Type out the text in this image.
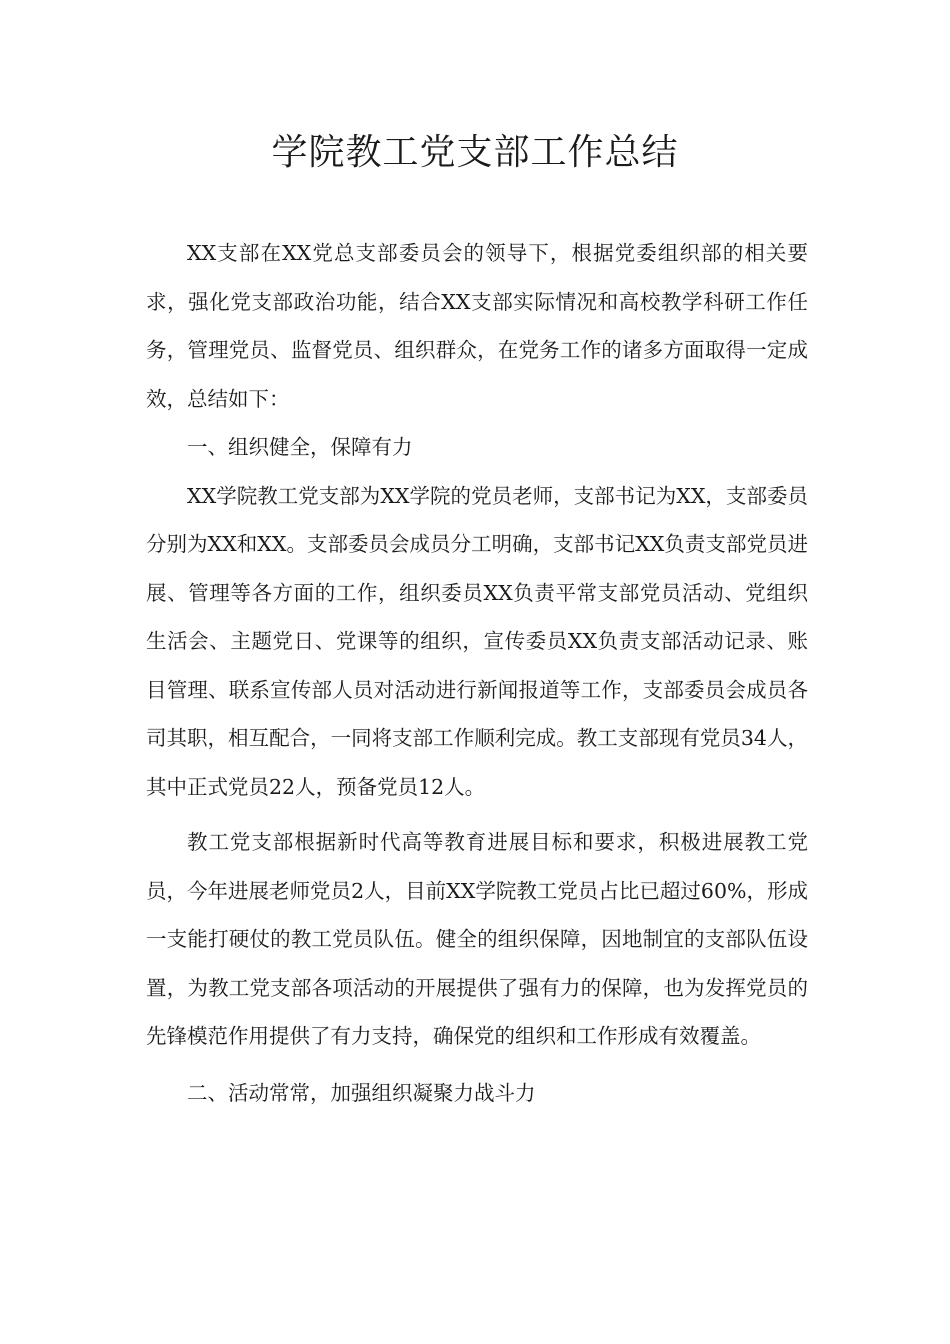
学院教工党支部工作总结

XX支部在XX党总支部委员会的领导下，根据党委组织部的相关要求，强化党支部政治功能，结合XX支部实际情况和高校教学科研工作任务，管理党员、监督党员、组织群众，在党务工作的诸多方面取得一定成效，总结如下：

一、组织健全，保障有力

XX学院教工党支部为XX学院的党员老师，支部书记为XX，支部委员分别为XX和XX。支部委员会成员分工明确，支部书记XX负责支部党员进展、管理等各方面的工作，组织委员XX负责平常支部党员活动、党组织生活会、主题党日、党课等的组织，宣传委员XX负责支部活动记录、账目管理、联系宣传部人员对活动进行新闻报道等工作，支部委员会成员各司其职，相互配合，一同将支部工作顺利完成。教工支部现有党员34人，其中正式党员22人，预备党员12人。

教工党支部根据新时代高等教育进展目标和要求，积极进展教工党员，今年进展老师党员2人，目前XX学院教工党员占比已超过60%，形成一支能打硬仗的教工党员队伍。健全的组织保障，因地制宜的支部队伍设置，为教工党支部各项活动的开展提供了强有力的保障，也为发挥党员的先锋模范作用提供了有力支持，确保党的组织和工作形成有效覆盖。

二、活动常常，加强组织凝聚力战斗力
